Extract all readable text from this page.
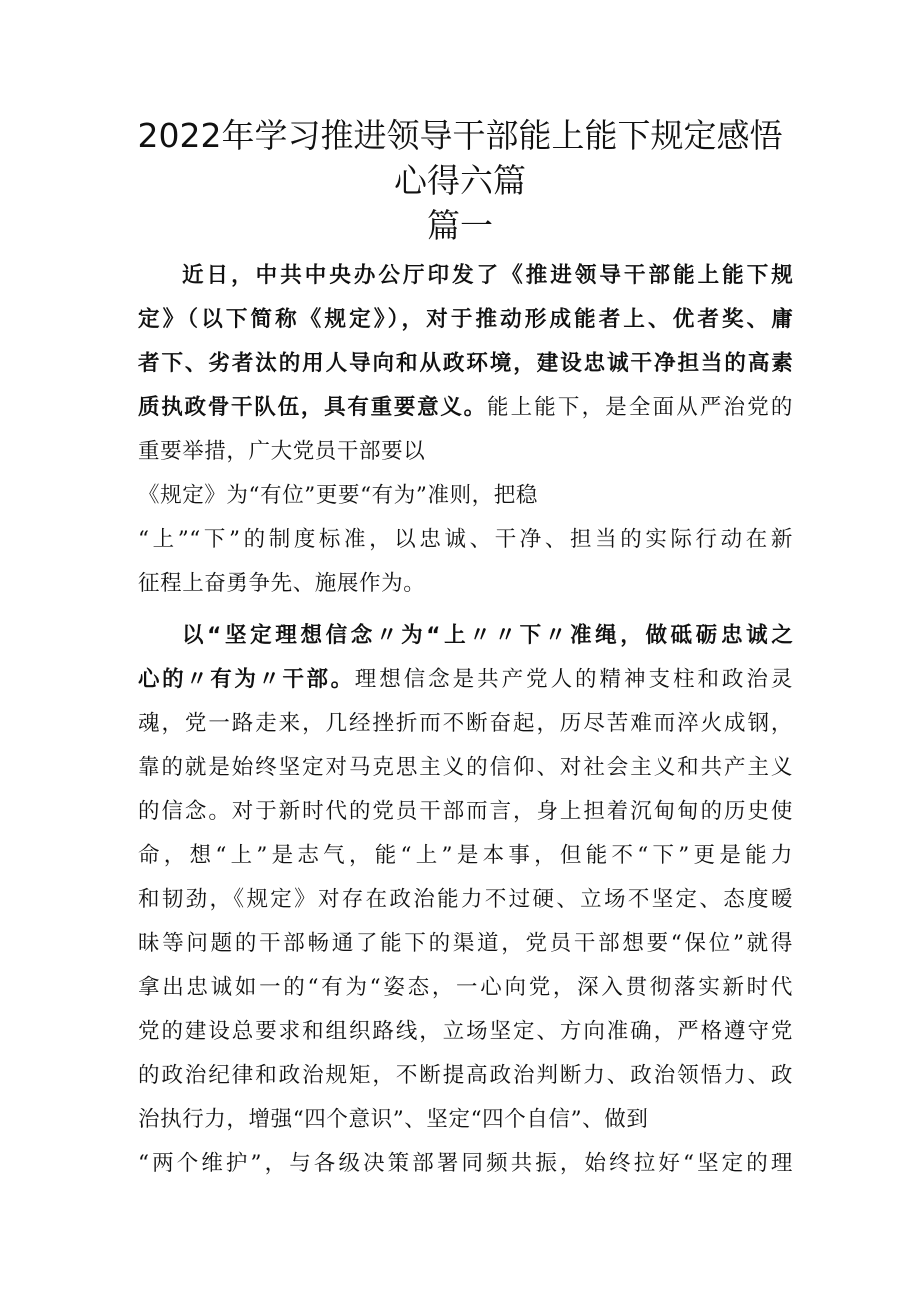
2022年学习推进领导干部能上能下规定感悟
心得六篇
篇一
近日，中共中央办公厅印发了《推进领导干部能上能下规
定》（以下简称《规定》），对于推动形成能者上、优者奖、庸
者下、劣者汰的用人导向和从政环境，建设忠诚干净担当的高素
质执政骨干队伍，具有重要意义。能上能下，是全面从严治党的
重要举措，广大党员干部要以
《规定》为“有位”更要“有为”准则，把稳
“上”“下”的制度标准，以忠诚、干净、担当的实际行动在新
征程上奋勇争先、施展作为。
以“坚定理想信念〃为“上〃〃下〃准绳，做砥砺忠诚之
心的〃有为〃干部。理想信念是共产党人的精神支柱和政治灵
魂，党一路走来，几经挫折而不断奋起，历尽苦难而淬火成钢，
靠的就是始终坚定对马克思主义的信仰、对社会主义和共产主义
的信念。对于新时代的党员干部而言，身上担着沉甸甸的历史使
命，想“上”是志气，能“上”是本事，但能不“下”更是能力
和韧劲，《规定》对存在政治能力不过硬、立场不坚定、态度暧
昧等问题的干部畅通了能下的渠道，党员干部想要“保位”就得
拿出忠诚如一的“有为“姿态，一心向党，深入贯彻落实新时代
党的建设总要求和组织路线，立场坚定、方向准确，严格遵守党
的政治纪律和政治规矩，不断提高政治判断力、政治领悟力、政
治执行力，增强“四个意识”、坚定“四个自信”、做到
“两个维护”，与各级决策部署同频共振，始终拉好“坚定的理
